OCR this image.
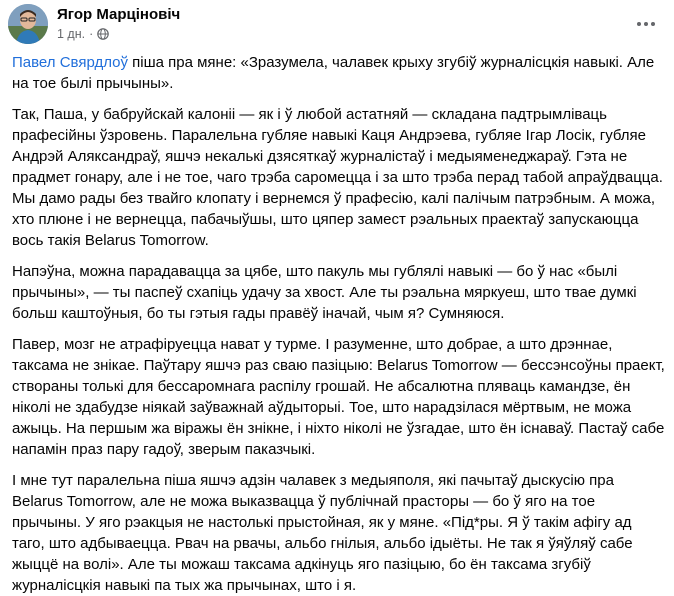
Ягор Марціновіч
1 дн. ·

Павел Свярдлоў піша пра мяне: «Зразумела, чалавек крыху згубіў журналісцкія навыкі. Але на тое былі прычыны».

Так, Паша, у бабруйскай калоніі — як і ў любой астатняй — складана падтрымліваць прафесійны ўзровень. Паралельна губляе навыкі Каця Андрэева, губляе Ігар Лосік, губляе Андрэй Аляксандраў, яшчэ некалькі дзясяткаў журналістаў і медыяменеджараў. Гэта не прадмет гонару, але і не тое, чаго трэба саромецца і за што трэба перад табой апраўдвацца. Мы дамо рады без твайго клопату і вернемся ў прафесію, калі палічым патрэбным. А можа, хто плюне і не вернецца, пабачыўшы, што цяпер замест рэальных праектаў запускаюцца вось такія Belarus Tomorrow.

Напэўна, можна парадавацца за цябе, што пакуль мы гублялі навыкі — бо ў нас «былі прычыны», — ты паспеў схапіць удачу за хвост. Але ты рэальна мяркуеш, што твае думкі больш каштоўныя, бо ты гэтыя гады правёў іначай, чым я? Сумняюся.

Павер, мозг не атрафіруецца нават у турме. І разуменне, што добрае, а што дрэннае, таксама не знікае. Паўтару яшчэ раз сваю пазіцыю: Belarus Tomorrow — бессэнсоўны праект, створаны толькі для бессаромнага распілу грошай. Не абсалютна плявaць камандзе, ён ніколі не здабудзе ніякай заўважнай аўдыторыі. Тое, што нарадзілася мёртвым, не можа ажыць. На першым жа віражы ён знікне, і ніхто ніколі не ўзгадае, што ён існаваў. Пастаў сабе напамін праз пару гадоў, зверым паказчыкі.

І мне тут паралельна піша яшчэ адзін чалавек з медыяполя, які пачытаў дыскусію пра Belarus Tomorrow, але не можа выказвацца ў публічнай прасторы — бо ў яго на тое прычыны. У яго рэакцыя не настолькі прыстойная, як у мяне. «Під*ры. Я ў такім афігу ад таго, што адбываецца. Рвач на рвачы, альбо гнілыя, альбо ідыёты. Не так я ўяўляў сабе жыццё на волі». Але ты можаш таксама адкінуць яго пазіцыю, бо ён таксама згубіў журналісцкія навыкі па тых жа прычынах, што і я.
